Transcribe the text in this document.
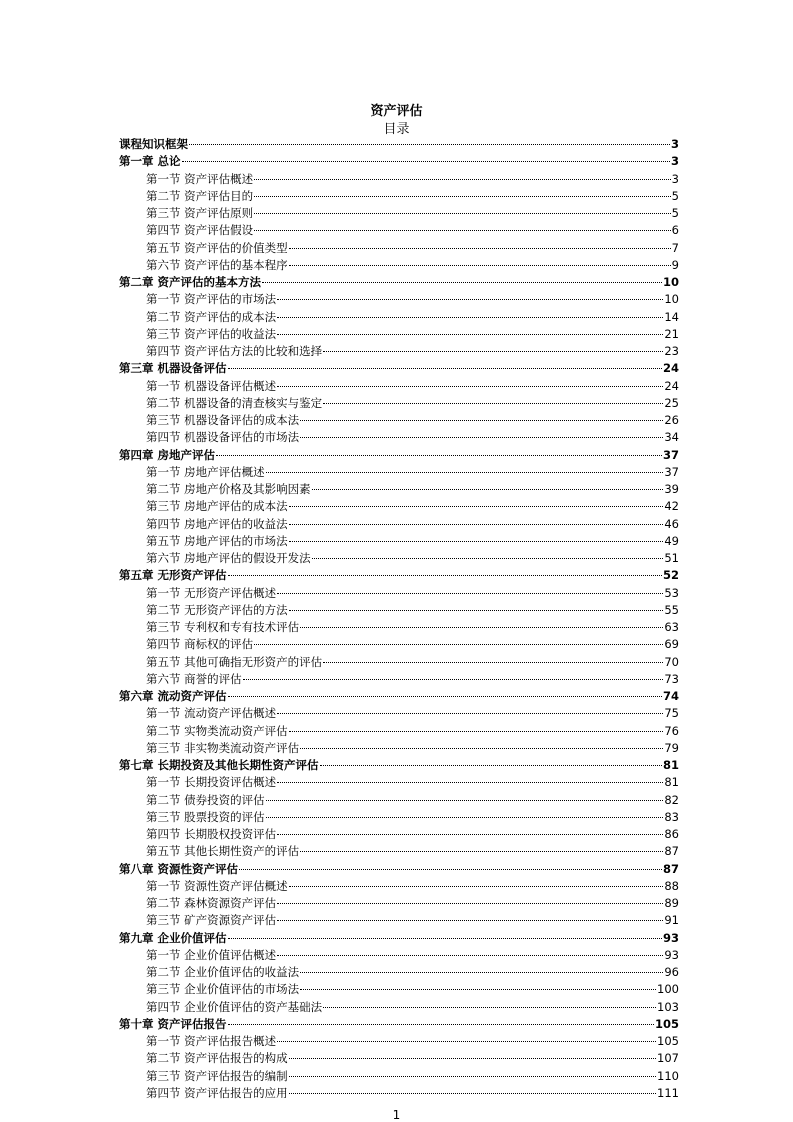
资产评估
目录
课程知识框架	3
第一章 总论	3
第一节 资产评估概述	3
第二节 资产评估目的	5
第三节 资产评估原则	5
第四节 资产评估假设	6
第五节 资产评估的价值类型	7
第六节 资产评估的基本程序	9
第二章 资产评估的基本方法	10
第一节 资产评估的市场法	10
第二节 资产评估的成本法	14
第三节 资产评估的收益法	21
第四节 资产评估方法的比较和选择	23
第三章 机器设备评估	24
第一节 机器设备评估概述	24
第二节 机器设备的清查核实与鉴定	25
第三节 机器设备评估的成本法	26
第四节 机器设备评估的市场法	34
第四章 房地产评估	37
第一节 房地产评估概述	37
第二节 房地产价格及其影响因素	39
第三节 房地产评估的成本法	42
第四节 房地产评估的收益法	46
第五节 房地产评估的市场法	49
第六节 房地产评估的假设开发法	51
第五章 无形资产评估	52
第一节 无形资产评估概述	53
第二节 无形资产评估的方法	55
第三节 专利权和专有技术评估	63
第四节 商标权的评估	69
第五节 其他可确指无形资产的评估	70
第六节 商誉的评估	73
第六章 流动资产评估	74
第一节 流动资产评估概述	75
第二节 实物类流动资产评估	76
第三节 非实物类流动资产评估	79
第七章 长期投资及其他长期性资产评估	81
第一节 长期投资评估概述	81
第二节 债券投资的评估	82
第三节 股票投资的评估	83
第四节 长期股权投资评估	86
第五节 其他长期性资产的评估	87
第八章 资源性资产评估	87
第一节 资源性资产评估概述	88
第二节 森林资源资产评估	89
第三节 矿产资源资产评估	91
第九章 企业价值评估	93
第一节 企业价值评估概述	93
第二节 企业价值评估的收益法	96
第三节 企业价值评估的市场法	100
第四节 企业价值评估的资产基础法	103
第十章 资产评估报告	105
第一节 资产评估报告概述	105
第二节 资产评估报告的构成	107
第三节 资产评估报告的编制	110
第四节 资产评估报告的应用	111
1
